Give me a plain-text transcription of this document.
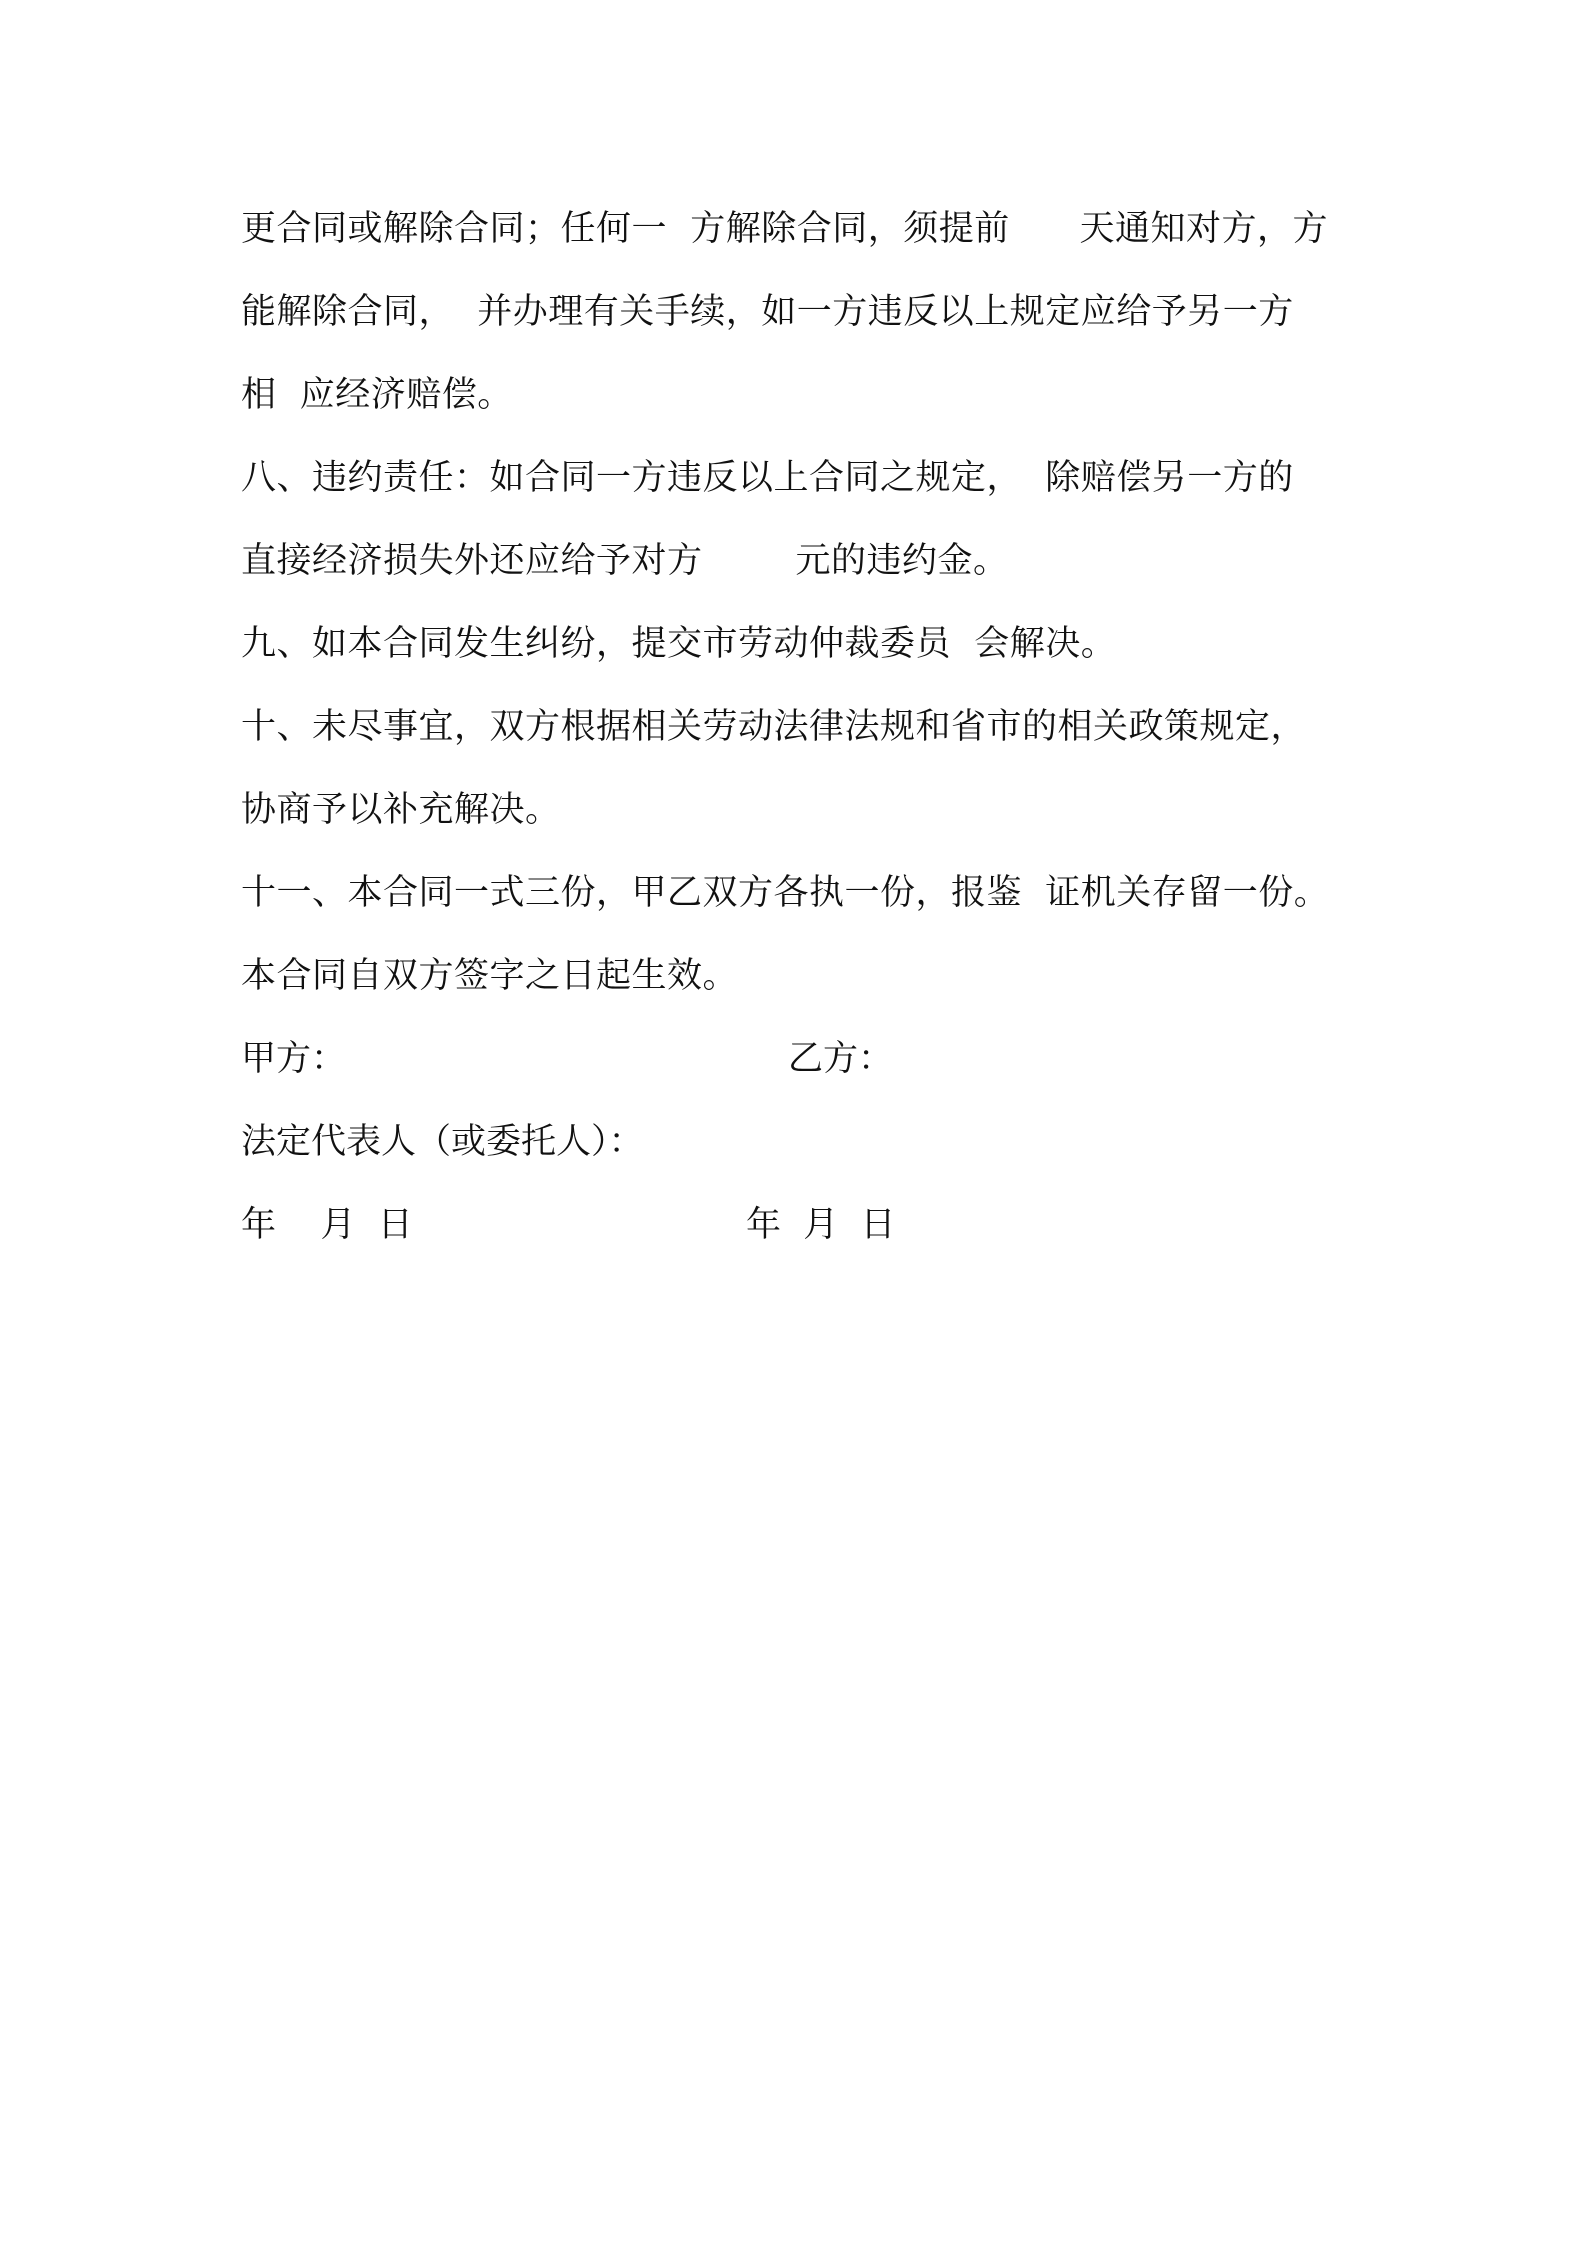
更合同或解除合同；任何一  方解除合同，须提前      天通知对方，方
能解除合同，  并办理有关手续，如一方违反以上规定应给予另一方
相  应经济赔偿。
八、违约责任：如合同一方违反以上合同之规定，  除赔偿另一方的
直接经济损失外还应给予对方        元的违约金。
九、如本合同发生纠纷，提交市劳动仲裁委员  会解决。
十、未尽事宜，双方根据相关劳动法律法规和省市的相关政策规定，
协商予以补充解决。
十一、本合同一式三份，甲乙双方各执一份，报鉴  证机关存留一份。
本合同自双方签字之日起生效。
甲方：	乙方：
法定代表人（或委托人）：
年    月  日	年  月  日
